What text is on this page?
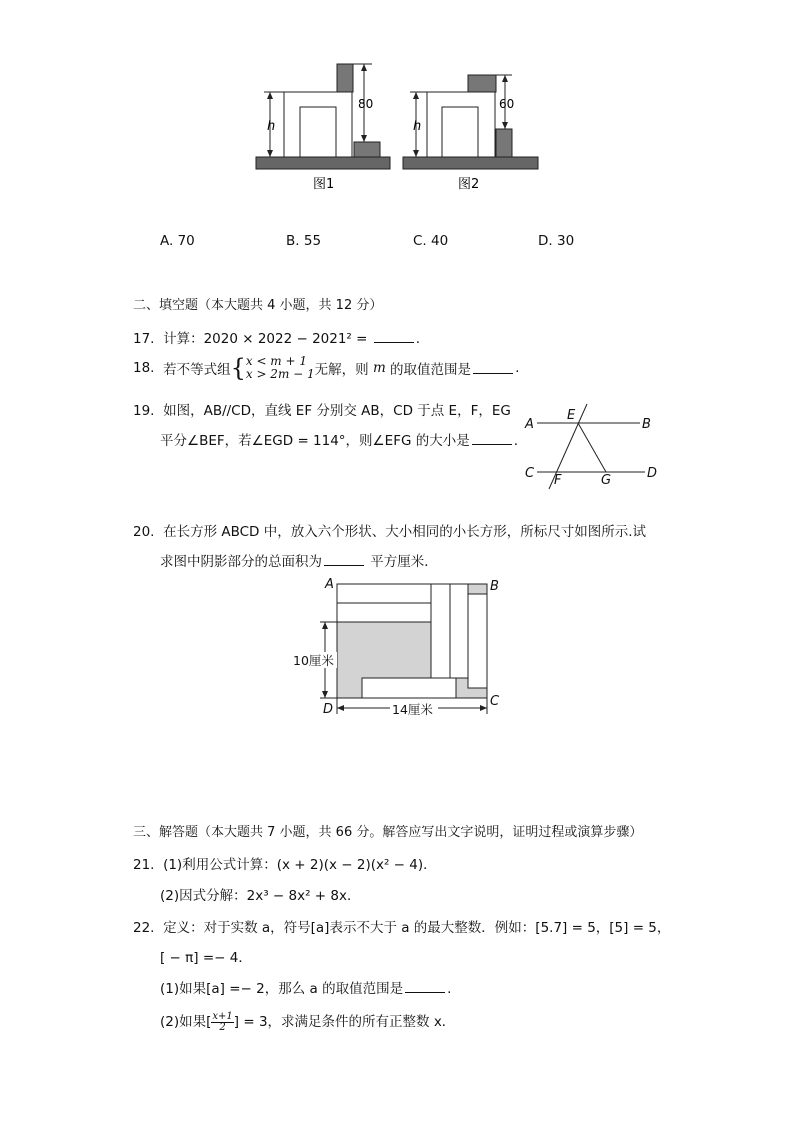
h	h
80	60
图1	图2
A. 70	B. 55	C. 40	D. 30
二、填空题（本大题共 4 小题，共 12 分）
17. 计算：2020 × 2022 − 2021² =	.
18. 若不等式组{ x < m + 1
x > 2m − 1 无解，则 m 的取值范围是	.
19. 如图，AB//CD，直线 EF 分别交 AB，CD 于点 E，F，EG
平分∠BEF，若∠EGD = 114°，则∠EFG 的大小是	.
A	B
E
C	D
F	G
20. 在长方形 ABCD 中，放入六个形状、大小相同的小长方形，所标尺寸如图所示.试
求图中阴影部分的总面积为	平方厘米．
10厘米
14厘米
A	B
C
D
三、解答题（本大题共 7 小题，共 66 分。解答应写出文字说明，证明过程或演算步骤）
21. (1)利用公式计算：(x + 2)(x − 2)(x² − 4)．
(2)因式分解：2x³ − 8x² + 8x．
22. 定义：对于实数 a，符号[a]表示不大于 a 的最大整数．例如：[5.7] = 5，[5] = 5，
[ − π] =− 4．
(1)如果[a] =− 2，那么 a 的取值范围是	.
(2)如果[ $\frac{x+1}{2}$ ] = 3，求满足条件的所有正整数 x．
